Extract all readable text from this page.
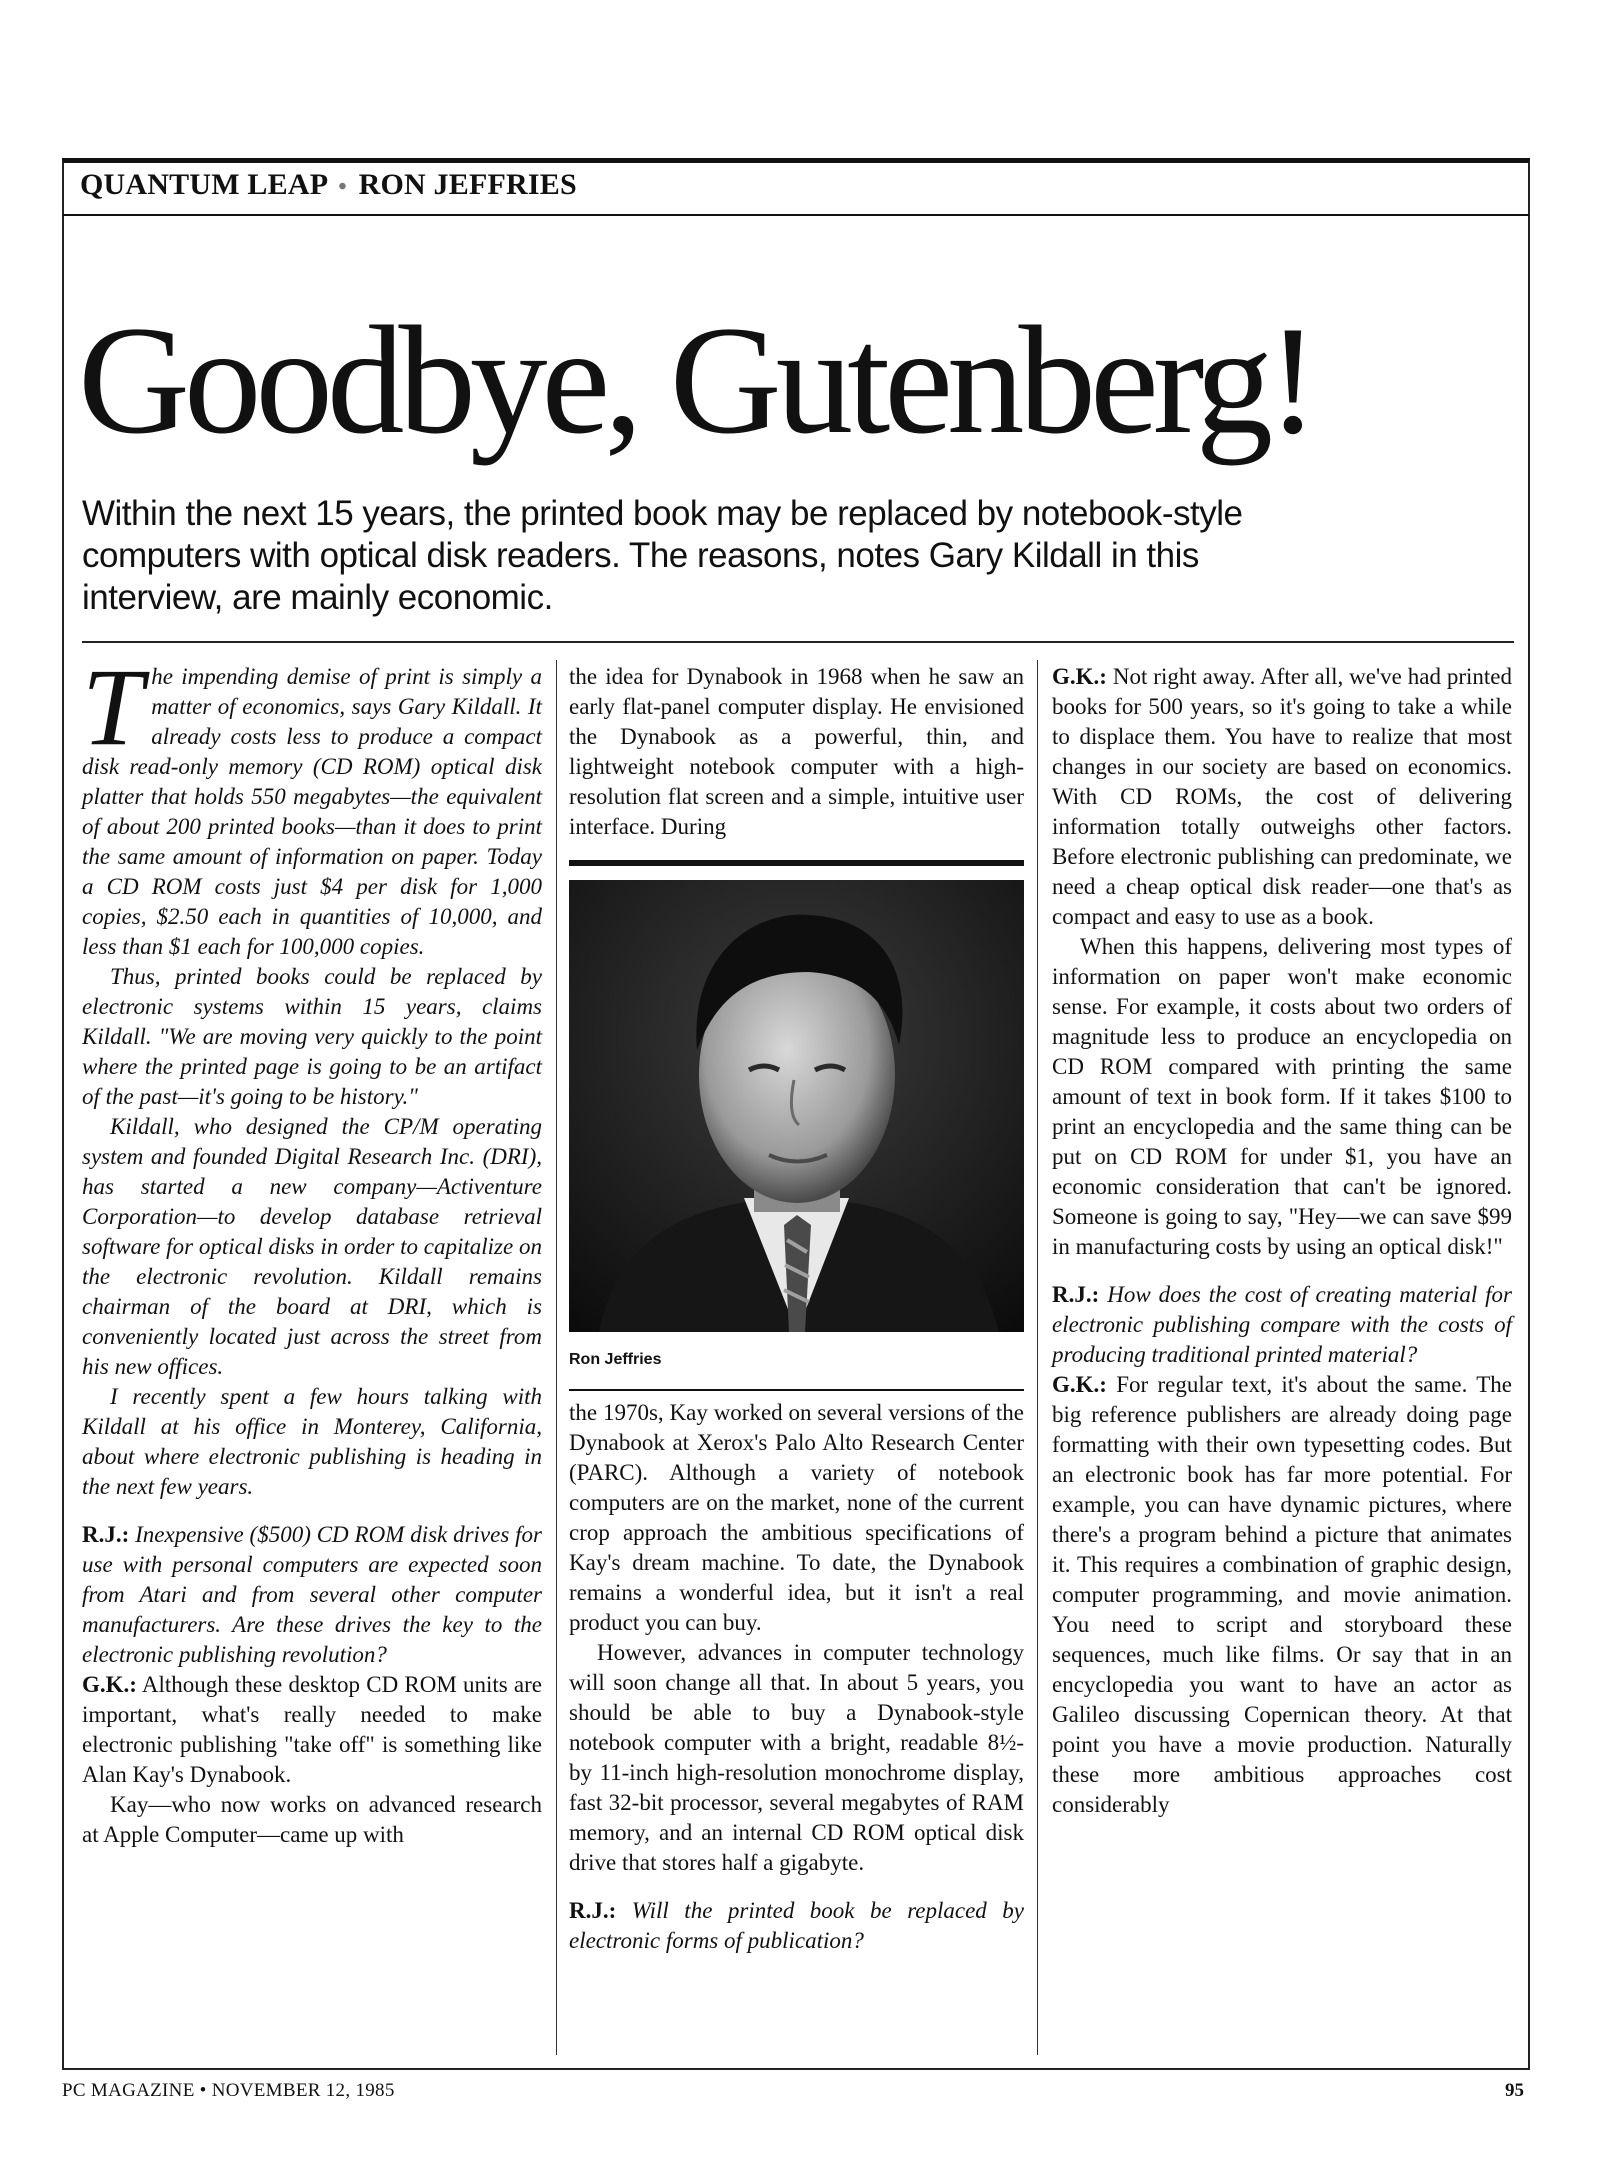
QUANTUM LEAP • RON JEFFRIES
Goodbye, Gutenberg!
Within the next 15 years, the printed book may be replaced by notebook-style computers with optical disk readers. The reasons, notes Gary Kildall in this interview, are mainly economic.

The impending demise of print is simply a matter of economics, says Gary Kildall. It already costs less to produce a compact disk read-only memory (CD ROM) optical disk platter that holds 550 megabytes—the equivalent of about 200 printed books—than it does to print the same amount of information on paper. Today a CD ROM costs just $4 per disk for 1,000 copies, $2.50 each in quantities of 10,000, and less than $1 each for 100,000 copies.

Thus, printed books could be replaced by electronic systems within 15 years, claims Kildall. "We are moving very quickly to the point where the printed page is going to be an artifact of the past—it's going to be history."

Kildall, who designed the CP/M operating system and founded Digital Research Inc. (DRI), has started a new company—Activenture Corporation—to develop database retrieval software for optical disks in order to capitalize on the electronic revolution. Kildall remains chairman of the board at DRI, which is conveniently located just across the street from his new offices.

I recently spent a few hours talking with Kildall at his office in Monterey, California, about where electronic publishing is heading in the next few years.

R.J.: Inexpensive ($500) CD ROM disk drives for use with personal computers are expected soon from Atari and from several other computer manufacturers. Are these drives the key to the electronic publishing revolution?

G.K.: Although these desktop CD ROM units are important, what's really needed to make electronic publishing "take off" is something like Alan Kay's Dynabook.

Kay—who now works on advanced research at Apple Computer—came up with

the idea for Dynabook in 1968 when he saw an early flat-panel computer display. He envisioned the Dynabook as a powerful, thin, and lightweight notebook computer with a high-resolution flat screen and a simple, intuitive user interface. During

Ron Jeffries

the 1970s, Kay worked on several versions of the Dynabook at Xerox's Palo Alto Research Center (PARC). Although a variety of notebook computers are on the market, none of the current crop approach the ambitious specifications of Kay's dream machine. To date, the Dynabook remains a wonderful idea, but it isn't a real product you can buy.

However, advances in computer technology will soon change all that. In about 5 years, you should be able to buy a Dynabook-style notebook computer with a bright, readable 8½- by 11-inch high-resolution monochrome display, fast 32-bit processor, several megabytes of RAM memory, and an internal CD ROM optical disk drive that stores half a gigabyte.

R.J.: Will the printed book be replaced by electronic forms of publication?

G.K.: Not right away. After all, we've had printed books for 500 years, so it's going to take a while to displace them. You have to realize that most changes in our society are based on economics. With CD ROMs, the cost of delivering information totally outweighs other factors. Before electronic publishing can predominate, we need a cheap optical disk reader—one that's as compact and easy to use as a book.

When this happens, delivering most types of information on paper won't make economic sense. For example, it costs about two orders of magnitude less to produce an encyclopedia on CD ROM compared with printing the same amount of text in book form. If it takes $100 to print an encyclopedia and the same thing can be put on CD ROM for under $1, you have an economic consideration that can't be ignored. Someone is going to say, "Hey—we can save $99 in manufacturing costs by using an optical disk!"

R.J.: How does the cost of creating material for electronic publishing compare with the costs of producing traditional printed material?

G.K.: For regular text, it's about the same. The big reference publishers are already doing page formatting with their own typesetting codes. But an electronic book has far more potential. For example, you can have dynamic pictures, where there's a program behind a picture that animates it. This requires a combination of graphic design, computer programming, and movie animation. You need to script and storyboard these sequences, much like films. Or say that in an encyclopedia you want to have an actor as Galileo discussing Copernican theory. At that point you have a movie production. Naturally these more ambitious approaches cost considerably

PC MAGAZINE • NOVEMBER 12, 1985	95
